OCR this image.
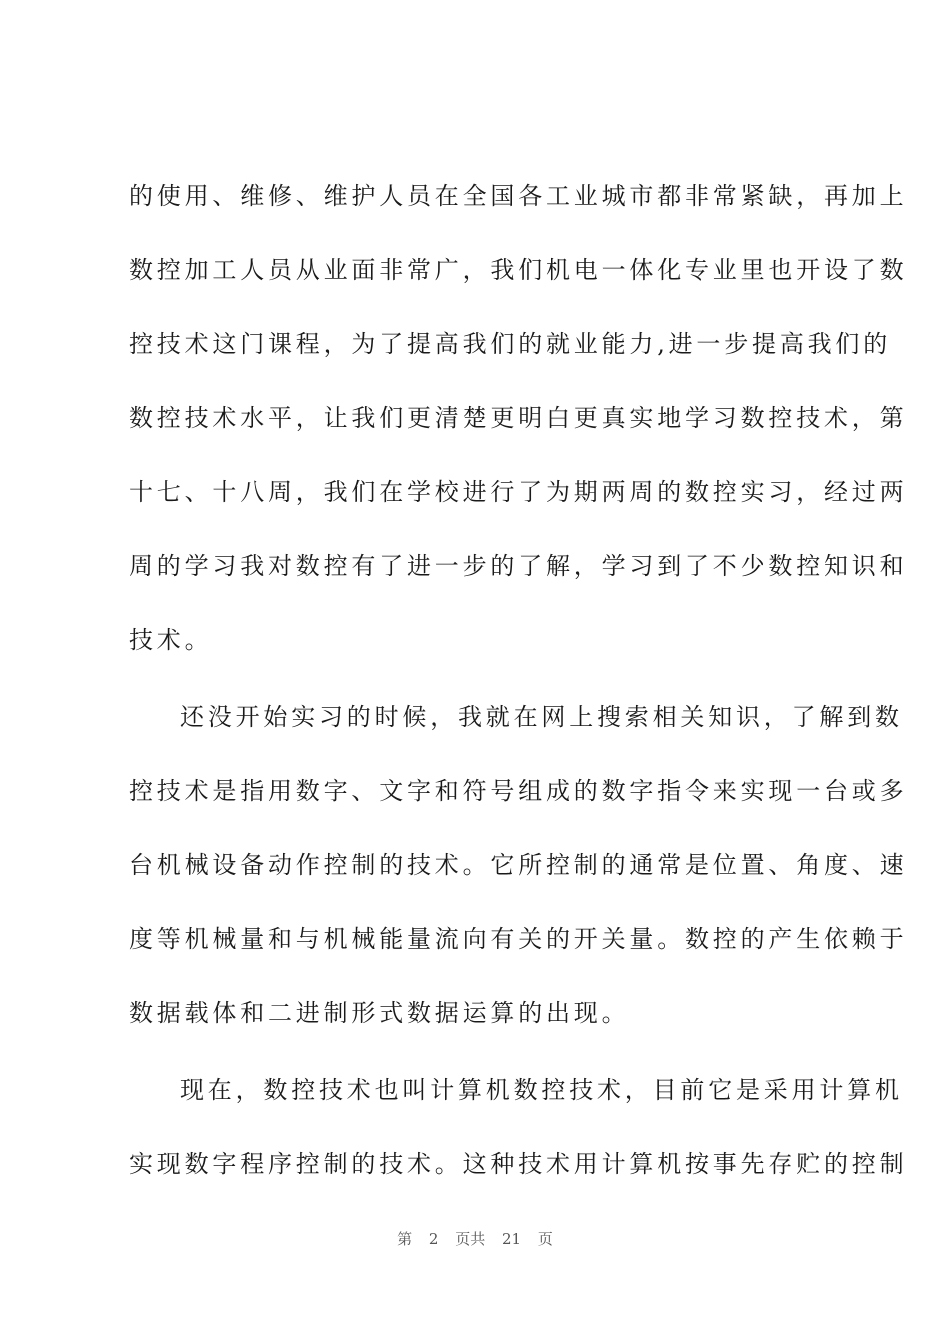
的使用、维修、维护人员在全国各工业城市都非常紧缺，再加上
数控加工人员从业面非常广，我们机电一体化专业里也开设了数
控技术这门课程，为了提高我们的就业能力,进一步提高我们的
数控技术水平，让我们更清楚更明白更真实地学习数控技术，第
十七、十八周，我们在学校进行了为期两周的数控实习，经过两
周的学习我对数控有了进一步的了解，学习到了不少数控知识和
技术。
还没开始实习的时候，我就在网上搜索相关知识，了解到数
控技术是指用数字、文字和符号组成的数字指令来实现一台或多
台机械设备动作控制的技术。它所控制的通常是位置、角度、速
度等机械量和与机械能量流向有关的开关量。数控的产生依赖于
数据载体和二进制形式数据运算的出现。
现在，数控技术也叫计算机数控技术，目前它是采用计算机
实现数字程序控制的技术。这种技术用计算机按事先存贮的控制
第 2 页共 21 页
